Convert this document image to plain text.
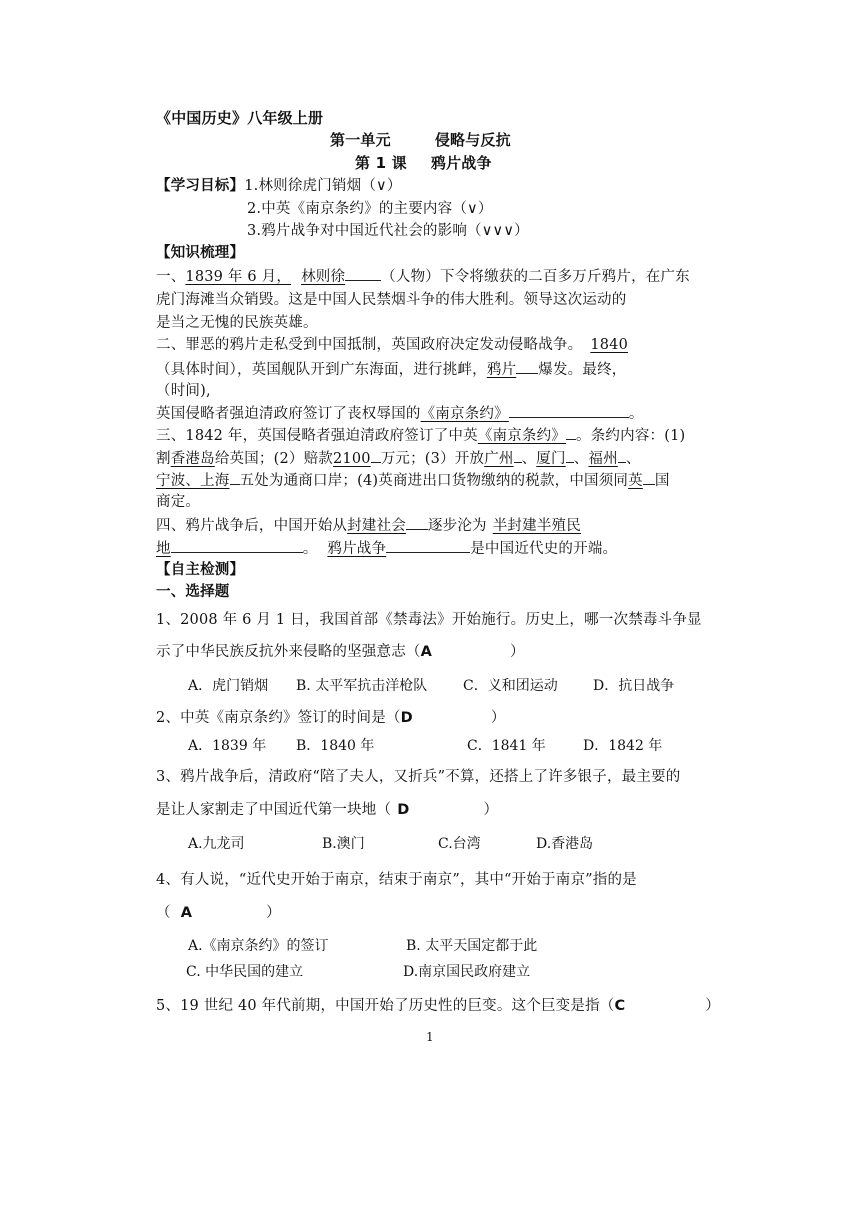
《中国历史》八年级上册
第一单元	侵略与反抗
第 1 课 鸦片战争
【学习目标】1.林则徐虎门销烟（∨）
2.中英《南京条约》的主要内容（∨）
3.鸦片战争对中国近代社会的影响（∨∨∨）
【知识梳理】
一、1839 年 6 月， 林则徐 （人物）下令将缴获的二百多万斤鸦片，在广东
虎门海滩当众销毁。这是中国人民禁烟斗争的伟大胜利。领导这次运动的
是当之无愧的民族英雄。
二、罪恶的鸦片走私受到中国抵制，英国政府决定发动侵略战争。 1840
（具体时间），英国舰队开到广东海面，进行挑衅，鸦片 爆发。最终，
（时间),
英国侵略者强迫清政府签订了丧权辱国的《南京条约》	。
三、1842 年，英国侵略者强迫清政府签订了中英《南京条约》 。条约内容：(1)
割香港岛给英国；(2）赔款2100 万元；(3）开放广州 、厦门 、福州 、
宁波、上海 五处为通商口岸；(4)英商进出口货物缴纳的税款，中国须同英 国
商定。
四、鸦片战争后，中国开始从封建社会 逐步沦为 半封建半殖民
地	。 鸦片战争	是中国近代史的开端。
【自主检测】
一、选择题
1、2008 年 6 月 1 日，我国首部《禁毒法》开始施行。历史上，哪一次禁毒斗争显
示了中华民族反抗外来侵略的坚强意志（A	）
A．虎门销烟 B. 太平军抗击洋枪队	C．义和团运动	D．抗日战争
2、中英《南京条约》签订的时间是（D	）
A．1839 年 B．1840 年	C．1841 年	D．1842 年
3、鸦片战争后，清政府“陪了夫人，又折兵”不算，还搭上了许多银子，最主要的
是让人家割走了中国近代第一块地（ D	）
A.九龙司	B.澳门	C.台湾	D.香港岛
4、有人说，“近代史开始于南京，结束于南京”，其中“开始于南京”指的是
（ A	）
A.《南京条约》的签订	B. 太平天国定都于此
C. 中华民国的建立	D.南京国民政府建立
5、19 世纪 40 年代前期，中国开始了历史性的巨变。这个巨变是指（C	）
1
